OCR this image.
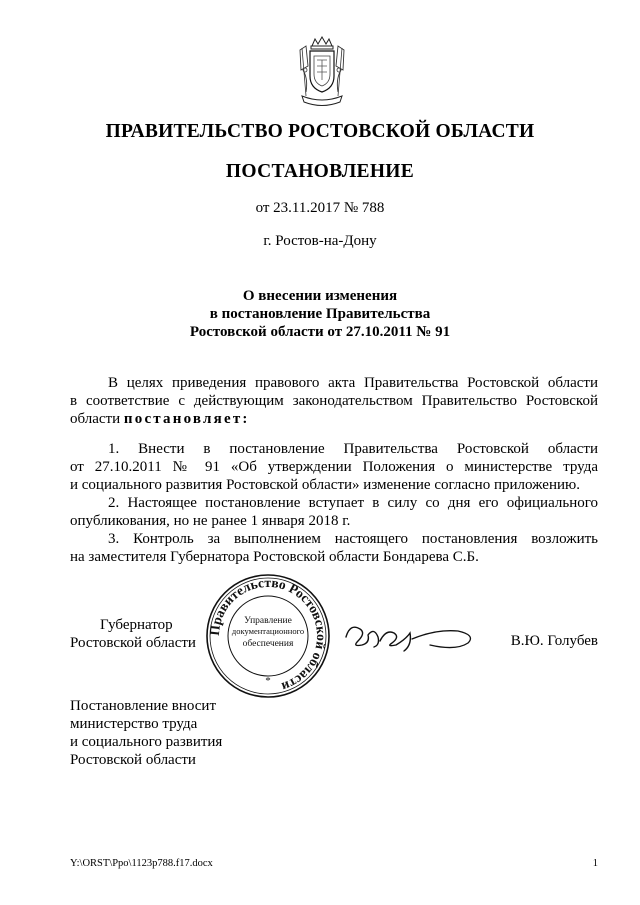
ПРАВИТЕЛЬСТВО РОСТОВСКОЙ ОБЛАСТИ
ПОСТАНОВЛЕНИЕ
от 23.11.2017 № 788
г. Ростов-на-Дону
О внесении изменения
в постановление Правительства
Ростовской области от 27.10.2011 № 91
В целях приведения правового акта Правительства Ростовской области
в соответствие с действующим законодательством Правительство Ростовской
области постановляет:
1. Внести в постановление Правительства Ростовской области
от 27.10.2011 № 91 «Об утверждении Положения о министерстве труда
и социального развития Ростовской области» изменение согласно приложению.
2. Настоящее постановление вступает в силу со дня его официального
опубликования, но не ранее 1 января 2018 г.
3. Контроль за выполнением настоящего постановления возложить
на заместителя Губернатора Ростовской области Бондарева С.Б.
Губернатор
Ростовской области
Правительство Ростовской области
Управление
документационного
обеспечения
*
В.Ю. Голубев
Постановление вносит
министерство труда
и социального развития
Ростовской области
Y:\ORST\Ppo\1123p788.f17.docx	1
